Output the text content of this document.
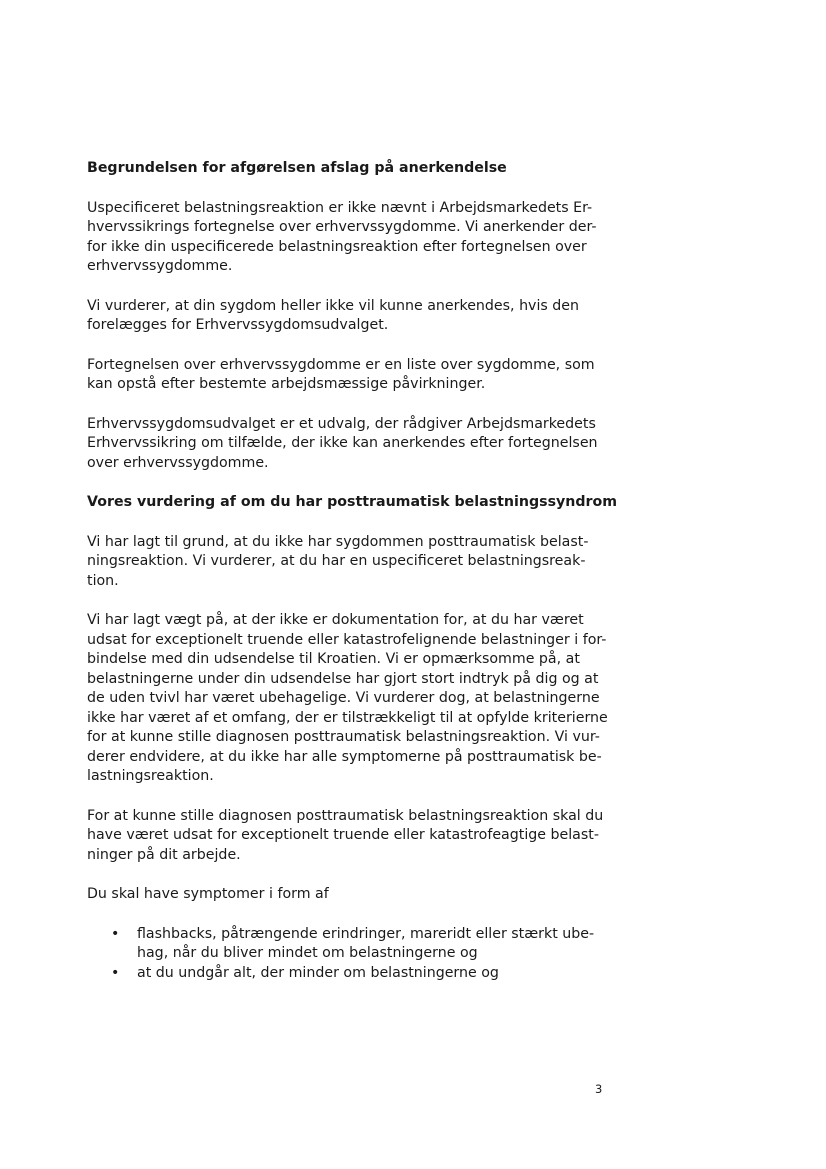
Begrundelsen for afgørelsen afslag på anerkendelse
Uspecificeret belastningsreaktion er ikke nævnt i Arbejdsmarkedets Er-
hvervssikrings fortegnelse over erhvervssygdomme. Vi anerkender der-
for ikke din uspecificerede belastningsreaktion efter fortegnelsen over
erhvervssygdomme.
Vi vurderer, at din sygdom heller ikke vil kunne anerkendes, hvis den
forelægges for Erhvervssygdomsudvalget.
Fortegnelsen over erhvervssygdomme er en liste over sygdomme, som
kan opstå efter bestemte arbejdsmæssige påvirkninger.
Erhvervssygdomsudvalget er et udvalg, der rådgiver Arbejdsmarkedets
Erhvervssikring om tilfælde, der ikke kan anerkendes efter fortegnelsen
over erhvervssygdomme.
Vores vurdering af om du har posttraumatisk belastningssyndrom
Vi har lagt til grund, at du ikke har sygdommen posttraumatisk belast-
ningsreaktion. Vi vurderer, at du har en uspecificeret belastningsreak-
tion.
Vi har lagt vægt på, at der ikke er dokumentation for, at du har været
udsat for exceptionelt truende eller katastrofelignende belastninger i for-
bindelse med din udsendelse til Kroatien. Vi er opmærksomme på, at
belastningerne under din udsendelse har gjort stort indtryk på dig og at
de uden tvivl har været ubehagelige. Vi vurderer dog, at belastningerne
ikke har været af et omfang, der er tilstrækkeligt til at opfylde kriterierne
for at kunne stille diagnosen posttraumatisk belastningsreaktion. Vi vur-
derer endvidere, at du ikke har alle symptomerne på posttraumatisk be-
lastningsreaktion.
For at kunne stille diagnosen posttraumatisk belastningsreaktion skal du
have været udsat for exceptionelt truende eller katastrofeagtige belast-
ninger på dit arbejde.
Du skal have symptomer i form af
• flashbacks, påtrængende erindringer, mareridt eller stærkt ube-
hag, når du bliver mindet om belastningerne og
• at du undgår alt, der minder om belastningerne og
3
